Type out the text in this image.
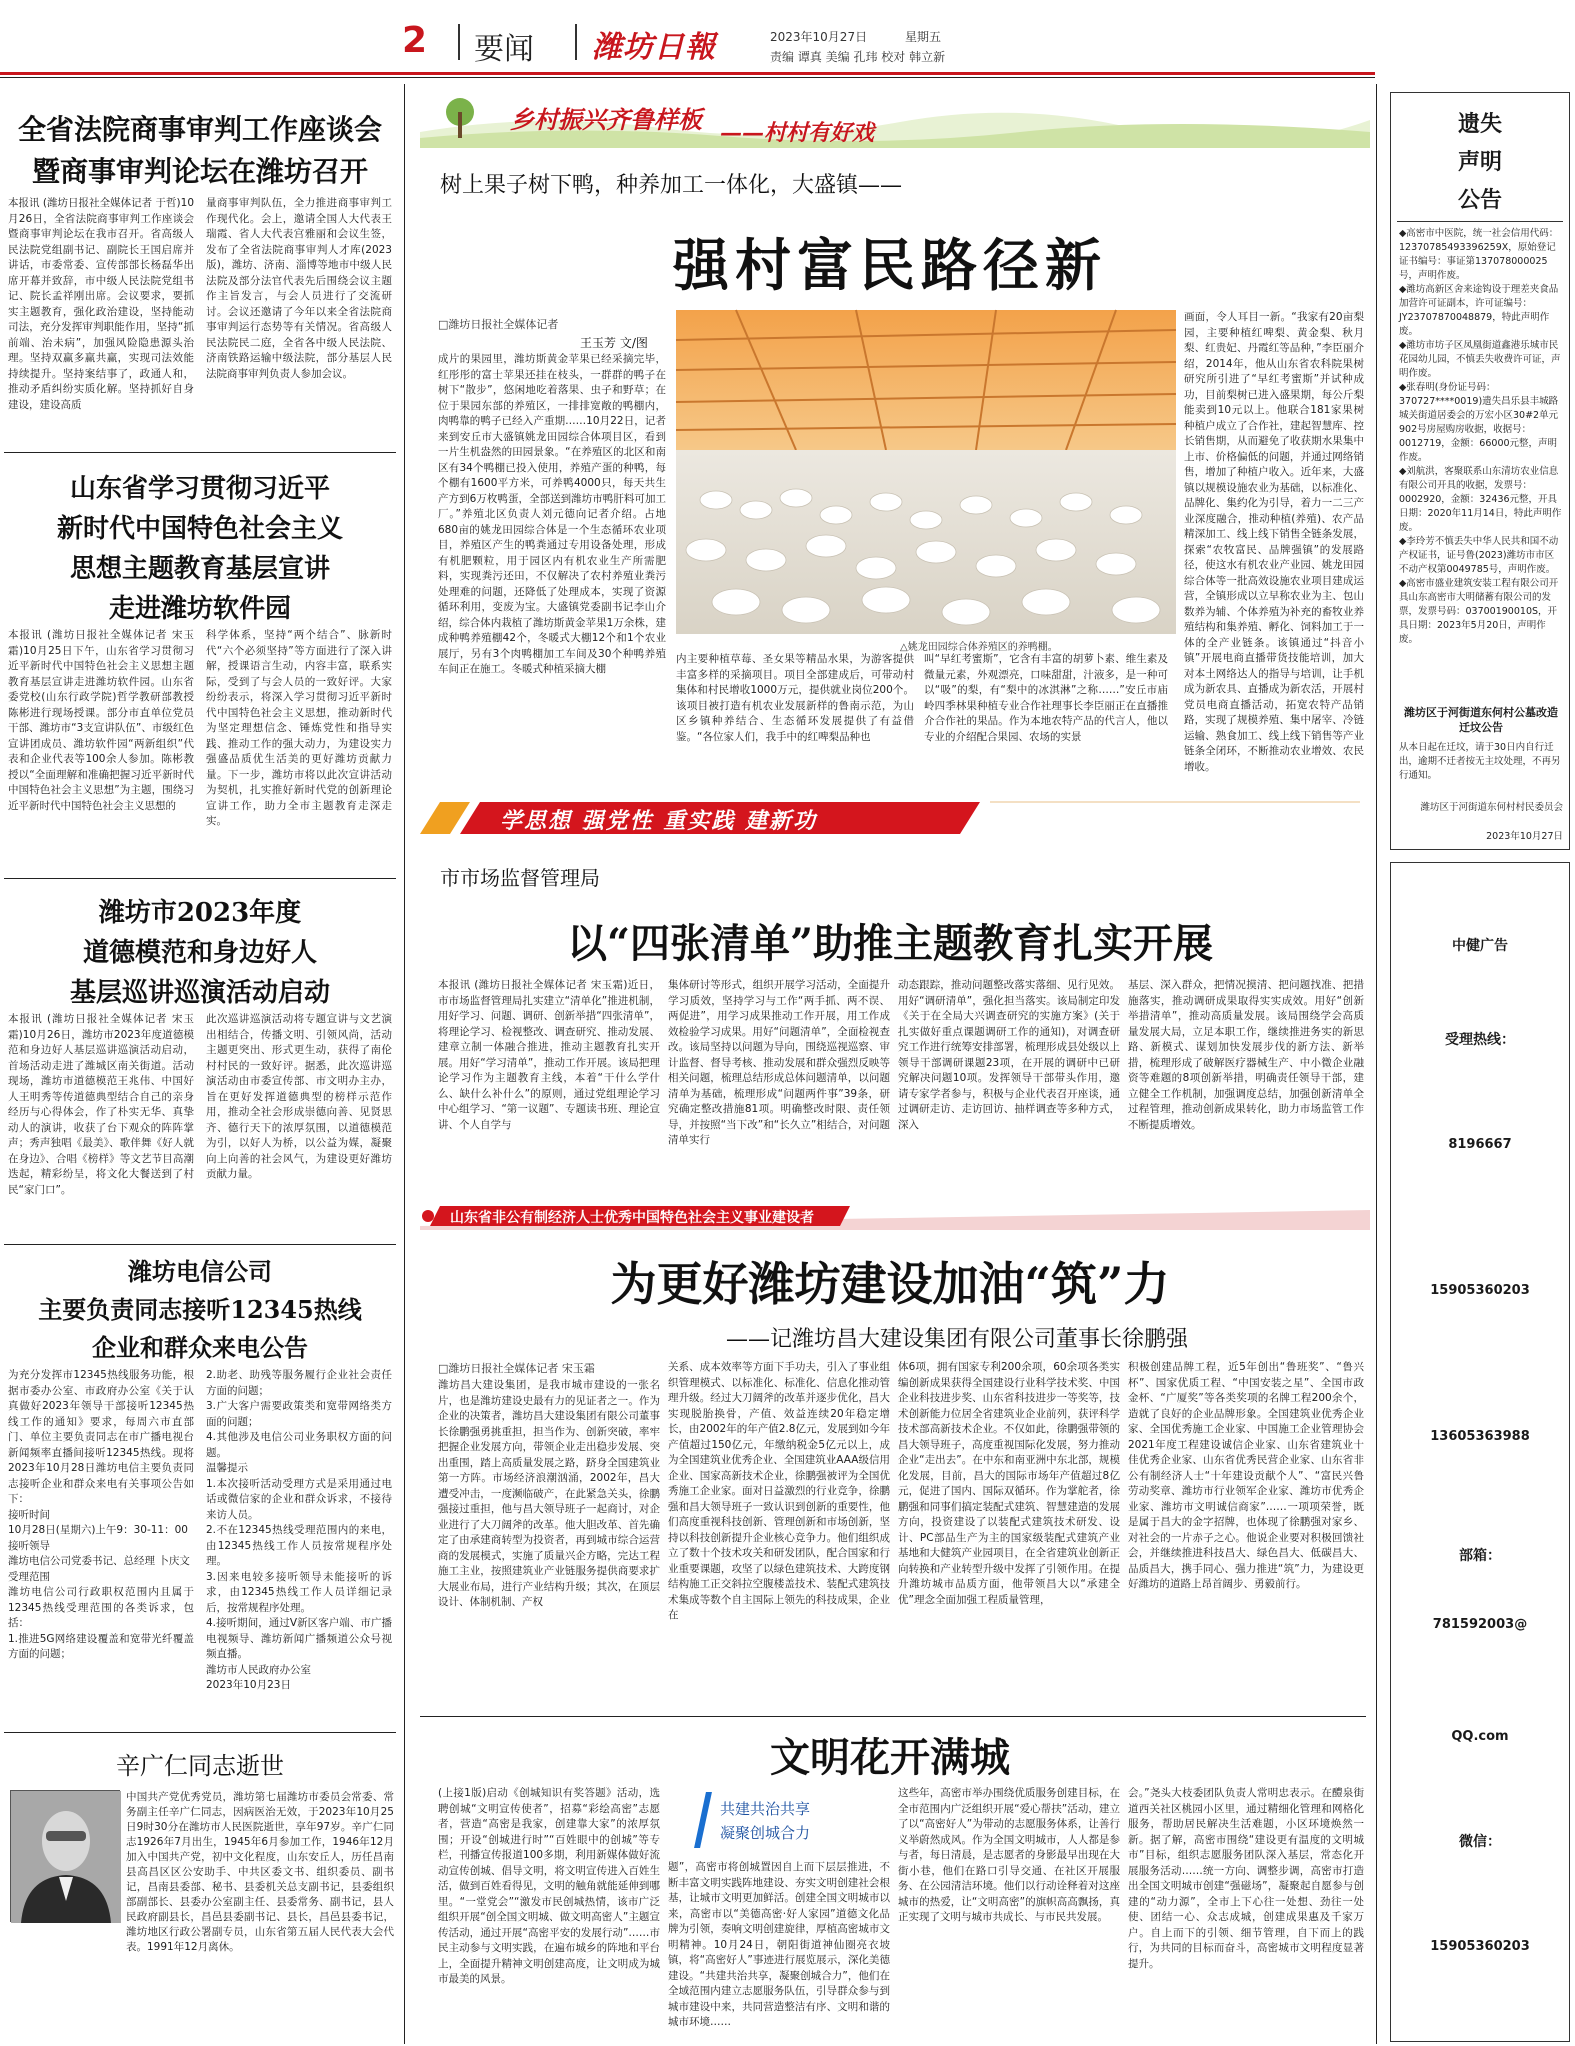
2 要闻 潍坊日報	2023年10月27日	星期五
责编 谭真 美编 孔玮 校对 韩立新
全省法院商事审判工作座谈会
暨商事审判论坛在潍坊召开
本报讯 (潍坊日报社全媒体记者 于哲)10月26日，全省法院商事审判工作座谈会暨商事审判论坛在我市召开。省高级人民法院党组副书记、副院长王国启席并讲话，市委常委、宣传部部长杨磊华出席开幕并致辞，市中级人民法院党组书记、院长孟祥刚出席。会议要求，要抓实主题教育，强化政治建设，坚持能动司法，充分发挥审判职能作用，坚持“抓前端、治未病”，加强风险隐患源头治理。坚持双赢多赢共赢，实现司法效能持续提升。坚持案结事了，政通人和，推动矛盾纠纷实质化解。坚持抓好自身建设，建设高质
量商事审判队伍，全力推进商事审判工作现代化。会上，邀请全国人大代表王瑞霞、省人大代表宫雅丽和会议生签，发布了全省法院商事审判人才库(2023版)，潍坊、济南、淄博等地市中级人民法院及部分法官代表先后围绕会议主题作主旨发言，与会人员进行了交流研讨。会议还邀请了今年以来全省法院商事审判运行态势等有关情况。省高级人民法院民二庭，全省各中级人民法院、济南铁路运输中级法院，部分基层人民法院商事审判负责人参加会议。
山东省学习贯彻习近平
新时代中国特色社会主义
思想主题教育基层宣讲
走进潍坊软件园
本报讯 (潍坊日报社全媒体记者 宋玉霜)10月25日下午，山东省学习贯彻习近平新时代中国特色社会主义思想主题教育基层宣讲走进潍坊软件园。山东省委党校(山东行政学院)哲学教研部教授陈彬进行现场授课。部分市直单位党员干部、潍坊市“3支宣讲队伍”、市级红色宣讲团成员、潍坊软件园“两新组织”代表和企业代表等100余人参加。陈彬教授以“全面理解和准确把握习近平新时代中国特色社会主义思想”为主题，围绕习近平新时代中国特色社会主义思想的
科学体系，坚持“两个结合”、脉新时代“六个必须坚持”等方面进行了深入讲解，授课语言生动，内容丰富，联系实际，受到了与会人员的一致好评。大家纷纷表示，将深入学习贯彻习近平新时代中国特色社会主义思想，推动新时代为坚定理想信念、锤炼党性和指导实践、推动工作的强大动力，为建设实力强盛品质优生活美的更好潍坊贡献力量。下一步，潍坊市将以此次宣讲活动为契机，扎实推好新时代党的创新理论宣讲工作，助力全市主题教育走深走实。
潍坊市2023年度
道德模范和身边好人
基层巡讲巡演活动启动
本报讯 (潍坊日报社全媒体记者 宋玉霜)10月26日，潍坊市2023年度道德模范和身边好人基层巡讲巡演活动启动，首场活动走进了潍城区南关街道。活动现场，潍坊市道德模范王兆伟、中国好人王明秀等传道德典型结合自己的亲身经历与心得体会，作了朴实无华、真挚动人的演讲，收获了台下观众的阵阵掌声；秀声独唱《最美》、歌伴舞《好人就在身边》、合唱《榜样》等文艺节目高潮迭起，精彩纷呈，将文化大餐送到了村民“家门口”。
此次巡讲巡演活动将专题宣讲与文艺演出相结合，传播文明、引领风尚，活动主题更突出、形式更生动，获得了南伦村村民的一致好评。据悉，此次巡讲巡演活动由市委宣传部、市文明办主办，旨在更好发挥道德典型的榜样示范作用，推动全社会形成崇德向善、见贤思齐、德行天下的浓厚氛围，以道德模范为引，以好人为桥，以公益为媒，凝聚向上向善的社会风气，为建设更好潍坊贡献力量。
潍坊电信公司
主要负责同志接听12345热线
企业和群众来电公告
为充分发挥市12345热线服务功能，根据市委办公室、市政府办公室《关于认真做好2023年领导干部接听12345热线工作的通知》要求，每周六市直部门、单位主要负责同志在市广播电视台新闻频率直播间接听12345热线。现将2023年10月28日潍坊电信主要负责同志接听企业和群众来电有关事项公告如下：
接听时间
10月28日(星期六)上午9：30-11：00
接听领导
潍坊电信公司党委书记、总经理 卜庆文
受理范围
潍坊电信公司行政职权范围内且属于12345热线受理范围的各类诉求，包括：
1.推进5G网络建设覆盖和宽带光纤覆盖方面的问题；
2.助老、助残等服务履行企业社会责任方面的问题；
3.广大客户需要政策类和宽带网络类方面的问题；
4.其他涉及电信公司业务职权方面的问题。
温馨提示
1.本次接听活动受理方式是采用通过电话或微信家的企业和群众诉求，不接待来访人员。
2.不在12345热线受理范围内的来电，由12345热线工作人员按常规程序处理。
3.因来电较多接听领导未能接听的诉求，由12345热线工作人员详细记录后，按常规程序处理。
4.接听期间，通过V新区客户端、市广播电视频导、潍坊新闻广播频道公众号视频直播。
潍坊市人民政府办公室
2023年10月23日
辛广仁同志逝世
中国共产党优秀党员，潍坊第七届潍坊市委员会常委、常务副主任辛广仁同志，因病医治无效，于2023年10月25日9时30分在潍坊市人民医院逝世，享年97岁。辛广仁同志1926年7月出生，1945年6月参加工作，1946年12月加入中国共产党，初中文化程度，山东安丘人，历任昌南县高昌区区公安助手、中共区委文书、组织委员、副书记，昌南县委部、秘书、县委机关总支副书记，县委组织部副部长、县委办公室副主任、县委常务、副书记，县人民政府副县长，昌邑县委副书记、县长，昌邑县委书记，潍坊地区行政公署副专员，山东省第五届人民代表大会代表。1991年12月离休。
乡村振兴齐鲁样板 ——村村有好戏
树上果子树下鸭，种养加工一体化，大盛镇——
强村富民路径新
□潍坊日报社全媒体记者
王玉芳 文/图
成片的果园里，潍坊斯黄金苹果已经采摘完毕，红彤彤的富士苹果还挂在枝头，一群群的鸭子在树下“散步”，悠闲地吃着落果、虫子和野草；在位于果园东部的养殖区，一排排宽敞的鸭棚内，肉鸭靠的鸭子已经入产重期……10月22日，记者来到安丘市大盛镇姚龙田园综合体项目区，看到一片生机盎然的田园景象。“在养殖区的北区和南区有34个鸭棚已投入使用，养殖产蛋的种鸭，每个棚有1600平方米，可养鸭4000只，每天共生产方到6万枚鸭蛋，全部送到潍坊市鸭肝料可加工厂。”养殖北区负责人刘元德向记者介绍。占地680亩的姚龙田园综合体是一个生态循环农业项目，养殖区产生的鸭粪通过专用设备处理，形成有机肥颗粒，用于园区内有机农业生产所需肥料，实现粪污还田，不仅解决了农村养殖业粪污处理难的问题，还降低了处理成本，实现了资源循环利用，变废为宝。大盛镇党委副书记李山介绍，综合体内栽植了潍坊斯黄金苹果1万余株，建成种鸭养殖棚42个，冬暖式大棚12个和1个农业展厅，另有3个肉鸭棚加工车间及30个种鸭养殖车间正在施工。冬暖式种植采摘大棚
△姚龙田园综合体养殖区的养鸭棚。
内主要种植草莓、圣女果等精品水果，为游客提供丰富多样的采摘项目。项目全部建成后，可带动村集体和村民增收1000万元，提供就业岗位200个。该项目被打造有机农业发展新样的鲁南示范，为山区乡镇种养结合、生态循环发展提供了有益借鉴。“各位家人们，我手中的红啤梨品种也
叫“早红考蜜斯”，它含有丰富的胡萝卜素、维生素及微量元素，外观漂亮，口味甜甜，汁液多，是一种可以“吸”的梨，有“梨中的冰淇淋”之称……”安丘市庙岭四季林果种植专业合作社理事长李臣丽正在直播推介合作社的果品。作为本地农特产品的代言人，他以专业的介绍配合果园、农场的实景
画面，令人耳目一新。“我家有20亩梨园，主要种植红啤梨、黄金梨、秋月梨、红贵妃、丹霞红等品种，”李臣丽介绍，2014年，他从山东省农科院果树研究所引进了“早红考蜜斯”并试种成功，目前梨树已进入盛果期，每公斤梨能卖到10元以上。他联合181家果树种植户成立了合作社，建起智慧库、控长销售期，从而避免了收获期水果集中上市、价格偏低的问题，并通过网络销售，增加了种植户收入。近年来，大盛镇以规模设施农业为基础，以标准化、品牌化、集约化为引导，着力一二三产业深度融合，推动种植(养殖)、农产品精深加工、线上线下销售全链条发展，探索“农牧富民、品牌强镇”的发展路径，使这水有机农业产业园、姚龙田园综合体等一批高效设施农业项目建成运营，全镇形成以立早称农业为主、包山数养为辅、个体养殖为补充的畜牧业养殖结构和集养殖、孵化、饲料加工于一体的全产业链条。该镇通过“抖音小镇”开展电商直播带货技能培训，加大对本土网络达人的指导与培训，让手机成为新农具、直播成为新农活，开展村党员电商直播活动，拓宽农特产品销路，实现了规模养殖、集中屠宰、冷链运输、熟食加工、线上线下销售等产业链条全闭环，不断推动农业增效、农民增收。
学思想 强党性 重实践 建新功
市市场监督管理局
以“四张清单”助推主题教育扎实开展
本报讯 (潍坊日报社全媒体记者 宋玉霜)近日，市市场监督管理局扎实建立“清单化”推进机制，用好学习、问题、调研、创新举措“四张清单”，将理论学习、检视整改、调查研究、推动发展、建章立制一体融合推进，推动主题教育扎实开展。用好“学习清单”，推动工作开展。该局把理论学习作为主题教育主线，本着“干什么学什么、缺什么补什么”的原则，通过党组理论学习中心组学习、“第一议题”、专题读书班、理论宣讲、个人自学与
集体研讨等形式，组织开展学习活动，全面提升学习质效，坚持学习与工作“两手抓、两不误、两促进”，用学习成果推动工作开展，用工作成效检验学习成果。用好“问题清单”，全面检视查改。该局坚持以问题为导向，围绕巡视巡察、审计监督、督导考核、推动发展和群众强烈反映等相关问题，梳理总结形成总体问题清单，以问题清单为基础，梳理形成“问题两件事”39条，研究确定整改措施81项。明确整改时限、责任领导，并按照“当下改”和“长久立”相结合，对问题清单实行
动态跟踪，推动问题整改落实落细、见行见效。用好“调研清单”，强化担当落实。该局制定印发《关于在全局大兴调查研究的实施方案》(关于扎实做好重点课题调研工作的通知)，对调查研究工作进行统筹安排部署，梳理形成县处级以上领导干部调研课题23项，在开展的调研中已研究解决问题10项。发挥领导干部带头作用，邀请专家学者参与，积极与企业代表召开座谈，通过调研走访、走访回访、抽样调查等多种方式，深入
基层、深入群众，把情况摸清、把问题找准、把措施落实，推动调研成果取得实实成效。用好“创新举措清单”，推动高质量发展。该局围绕学会高质量发展大局，立足本职工作，继续推进务实的新思路、新模式、谋划加快发展步伐的新方法、新举措，梳理形成了破解医疗器械生产、中小微企业融资等难题的8项创新举措，明确责任领导干部，建立健全工作机制，加强调度总结，加强创新清单全过程管理，推动创新成果转化，助力市场监管工作不断提质增效。
山东省非公有制经济人士优秀中国特色社会主义事业建设者
为更好潍坊建设加油“筑”力
——记潍坊昌大建设集团有限公司董事长徐鹏强
□潍坊日报社全媒体记者 宋玉霜
潍坊昌大建设集团，是我市城市建设的一张名片，也是潍坊建设史最有力的见证者之一。作为企业的决策者，潍坊昌大建设集团有限公司董事长徐鹏强勇挑重担，担当作为、创新突破，率牢把握企业发展方向，带领企业走出稳步发展、突出重围，踏上高质量发展之路，跻身全国建筑业第一方阵。市场经济浪潮汹涌，2002年，昌大遭受冲击，一度濒临破产，在此紧急关头，徐鹏强接过重担，他与昌大领导班子一起商讨，对企业进行了大刀阔斧的改革。他大胆改革、首先确定了由承建商转型为投资者，再到城市综合运营商的发展模式，实施了质量兴企方略，完达工程施工主业，按照建筑业产业链服务提供商要求扩大展业布局，进行产业结构升级；其次，在顶层设计、体制机制、产权
关系、成本效率等方面下手功夫，引入了事业组织管理模式、以标准化、标准化、信息化推动管理升级。经过大刀阔斧的改革并逐步优化，昌大实现脱胎换骨，产值、效益连续20年稳定增长，由2002年的年产值2.8亿元，发展到如今年产值超过150亿元，年缴纳税金5亿元以上，成为全国建筑业优秀企业、全国建筑业AAA级信用企业、国家高新技术企业，徐鹏强被评为全国优秀施工企业家。面对日益激烈的行业竞争，徐鹏强和昌大领导班子一致认识到创新的重要性，他们高度重视科技创新、管理创新和市场创新，坚持以科技创新提升企业核心竞争力。他们组织成立了数十个技术攻关和研发团队，配合国家和行业重要课题，攻坚了以绿色建筑技术、大跨度钢结构施工正交斜拉空腹楼盖技术、装配式建筑技术集成等数个自主国际上领先的科技成果，企业在
体6项，拥有国家专利200余项，60余项各类实编创新成果获得全国建设行业科学技术奖、中国企业科技进步奖、山东省科技进步一等奖等，技术创新能力位居全省建筑业企业前列，获评科学技术部高新技术企业。不仅如此，徐鹏强带领的昌大领导班子，高度重视国际化发展，努力推动企业“走出去”。在中东和南亚洲中东北部，规模化发展，目前，昌大的国际市场年产值超过8亿元，促进了国内、国际双循环。作为掌舵者，徐鹏强和同事们搞定装配式建筑、智慧建造的发展方向，投资建设了以装配式建筑技术研发、设计、PC部品生产为主的国家级装配式建筑产业基地和大健筑产业园项目，在全省建筑业创新正向转换和产业转型升级中发挥了引领作用。在提升潍坊城市品质方面，他带领昌大以“承建全优”理念全面加强工程质量管理，
积极创建品牌工程，近5年创出“鲁班奖”、“鲁兴杯”、国家优质工程、“中国安装之星”、全国市政金杯、“广厦奖”等各类奖项的名牌工程200余个，造就了良好的企业品牌形象。全国建筑业优秀企业家、全国优秀施工企业家、中国施工企业管理协会2021年度工程建设诚信企业家、山东省建筑业十佳优秀企业家、山东省优秀民营企业家、山东省非公有制经济人士“十年建设贡献个人”、“富民兴鲁劳动奖章、潍坊市行业领军企业家、潍坊市优秀企业家、潍坊市文明诚信商家”……一项项荣誉，既是属于昌大的金字招牌，也体现了徐鹏强对家乡、对社会的一片赤子之心。他说企业要对积极回馈社会，并继续推进科技昌大、绿色昌大、低碳昌大、品质昌大，携手同心、强力推进“筑”力，为建设更好潍坊的道路上昂首阔步、勇毅前行。
文明花开满城
(上接1版)启动《创城知识有奖答题》活动，选聘创城“文明宣传使者”，招募“彩绘高密”志愿者，营造“高密是我家，创建靠大家”的浓厚氛围；开设“创城进行时”“百姓眼中的创城”等专栏，刊播宣传报道100多期，利用新媒体做好流动宣传创城、倡导文明，将文明宣传进入百姓生活，做到百姓看得见，文明的触角就能延伸到哪里。“一堂党会”“激发市民创城热情，该市广泛组织开展“创全国文明城、做文明高密人”主题宣传活动，通过开展“高密平安的发展行动”……市民主动参与文明实践，在遍布城乡的阵地和平台上，全面提升精神文明创建高度，让文明成为城市最美的风景。
共建共治共享
凝聚创城合力
题”，高密市将创城置因自上而下层层推进，不断丰富文明实践阵地建设、夯实文明创建社会根基，让城市文明更加鲜活。创建全国文明城市以来，高密市以“美德高密·好人家园”道德文化品牌为引领，奏响文明创建旋律，厚植高密城市文明精神。10月24日，朝阳街道神仙圈亮衣坡镇，将“高密好人”事迹进行展览展示，深化美德建设。“共建共治共享，凝聚创城合力”，他们在全域范围内建立志愿服务队伍，引导群众参与到城市建设中来，共同营造整洁有序、文明和谐的城市环境……
这些年，高密市举办围绕优质服务创建目标，在全市范围内广泛组织开展“爱心帮扶”活动，建立了以“高密好人”为带动的志愿服务体系，让善行义举蔚然成风。作为全国文明城市，人人都是参与者，每日清晨，是志愿者的身影最早出现在大街小巷，他们在路口引导交通、在社区开展服务、在公园清洁环境。他们以行动诠释着对这座城市的热爱，让“文明高密”的旗帜高高飘扬，真正实现了文明与城市共成长、与市民共发展。
会。”尧头大枝委团队负责人常明忠表示。在醴泉街道西关社区桃园小区里，通过精细化管理和网格化服务，帮助居民解决生活难题，小区环境焕然一新。据了解，高密市围绕“建设更有温度的文明城市”目标，组织志愿服务团队深入基层，常态化开展服务活动……统一方向、调整步调，高密市打造出全国文明城市创建“强磁场”，凝聚起自愿参与创建的“动力源”，全市上下心往一处想、劲往一处使、团结一心、众志成城，创建成果惠及千家万户。自上而下的引领、细节管理，自下而上的践行，为共同的目标而奋斗，高密城市文明程度显著提升。
遗失
声明
公告
◆高密市中医院，统一社会信用代码：12370785493396259X，原始登记证书编号：事证第137078000025号，声明作废。
◆潍坊高新区舍来途钩设于理差夹食品加营许可证副本，许可证编号：JY23707870048879，特此声明作废。
◆潍坊市坊子区凤凰街道鑫港乐城市民花园幼儿园，不慎丢失收费许可证，声明作废。
◆张春明(身份证号码：370727****0019)遗失昌乐县丰城路城关街道居委会的万宏小区30#2单元902号房屋购房收据，收据号：0012719，金额：66000元整，声明作废。
◆刘航洪，客聚联系山东清坊农业信息有限公司开具的收据，发票号：0002920，金额：32436元整，开具日期：2020年11月14日，特此声明作废。
◆李玲芳不慎丢失中华人民共和国不动产权证书，证号鲁(2023)潍坊市市区不动产权第0049785号，声明作废。
◆高密市盛业建筑安装工程有限公司开具山东高密市大明储蓄有限公司的发票，发票号码：03700190010S，开具日期：2023年5月20日，声明作废。
潍坊区于河街道东何村公墓改造迁坟公告
从本日起在迁坟，请于30日内自行迁出，逾期不迁者按无主坟处理，不再另行通知。
潍坊区于河街道东何村村民委员会
2023年10月27日
中健广告
受理热线：
8196667
15905360203
13605363988
部箱：
781592003@
QQ.com
微信：
15905360203
